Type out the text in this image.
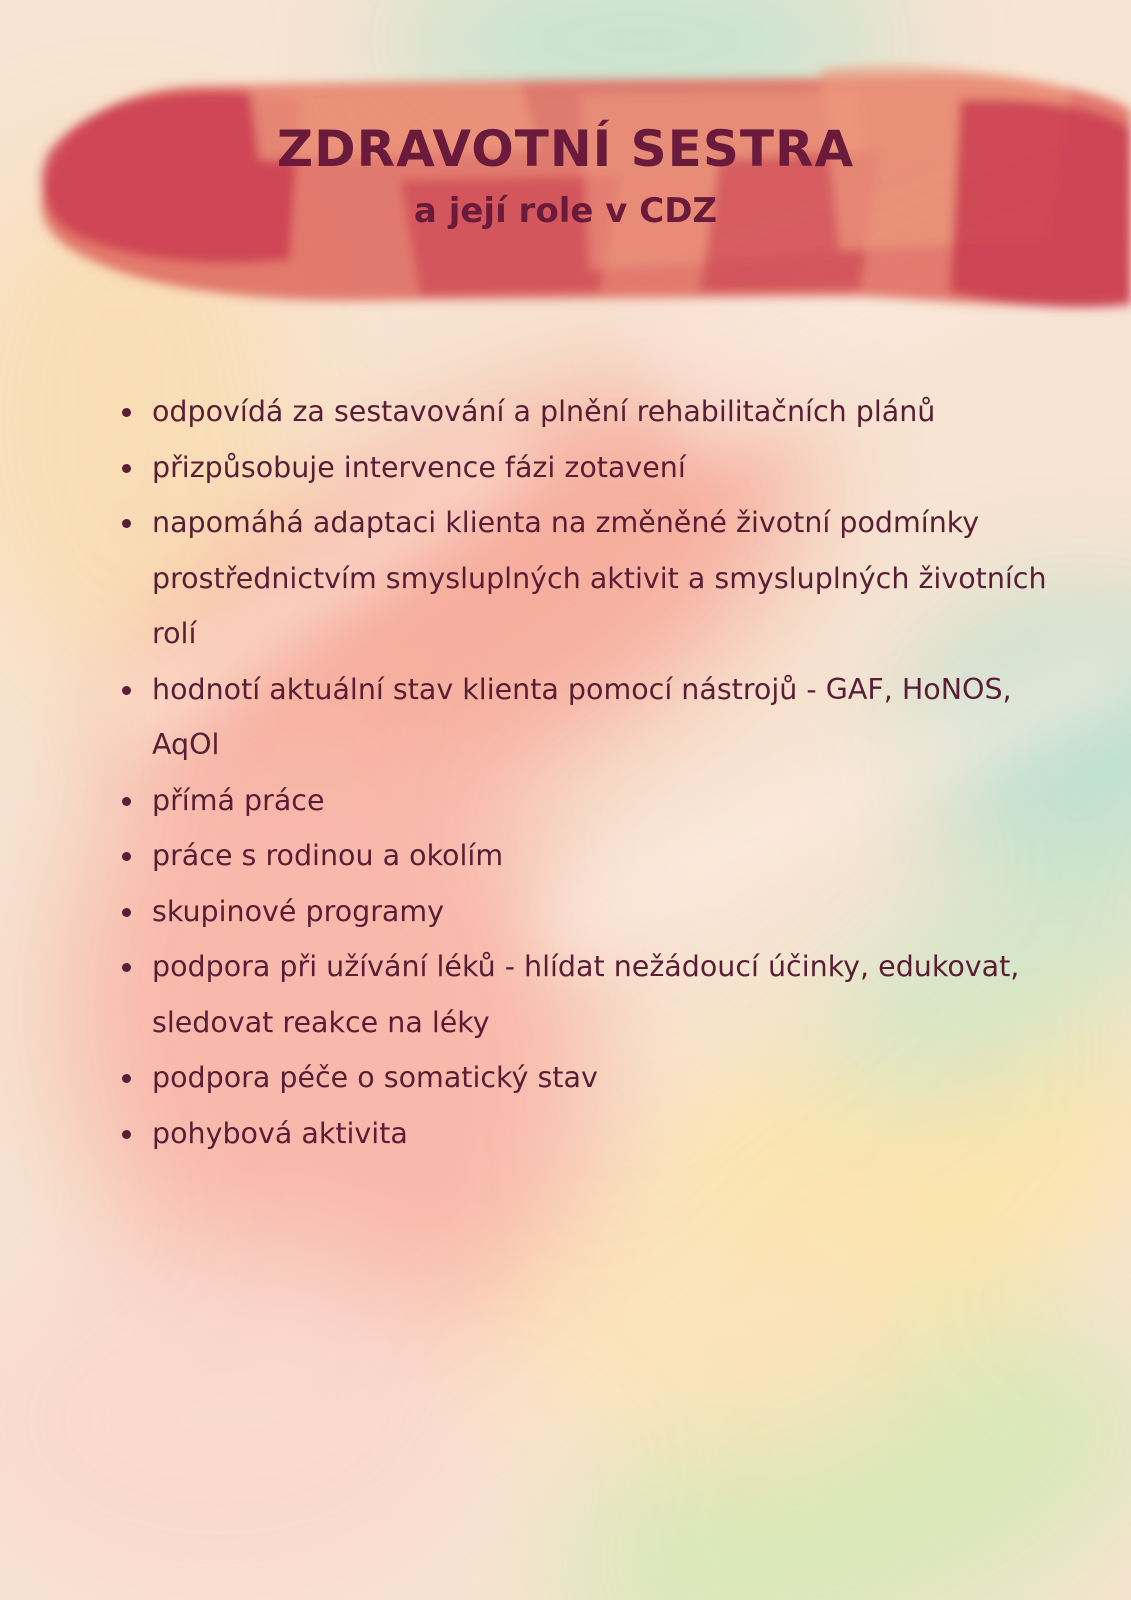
ZDRAVOTNÍ SESTRA
a její role v CDZ
odpovídá za sestavování a plnění rehabilitačních plánů
přizpůsobuje intervence fázi zotavení
napomáhá adaptaci klienta na změněné životní podmínky prostřednictvím smysluplných aktivit a smysluplných životních rolí
hodnotí aktuální stav klienta pomocí nástrojů - GAF, HoNOS, AqOl
přímá práce
práce s rodinou a okolím
skupinové programy
podpora při užívání léků - hlídat nežádoucí účinky, edukovat, sledovat reakce na léky
podpora péče o somatický stav
pohybová aktivita
